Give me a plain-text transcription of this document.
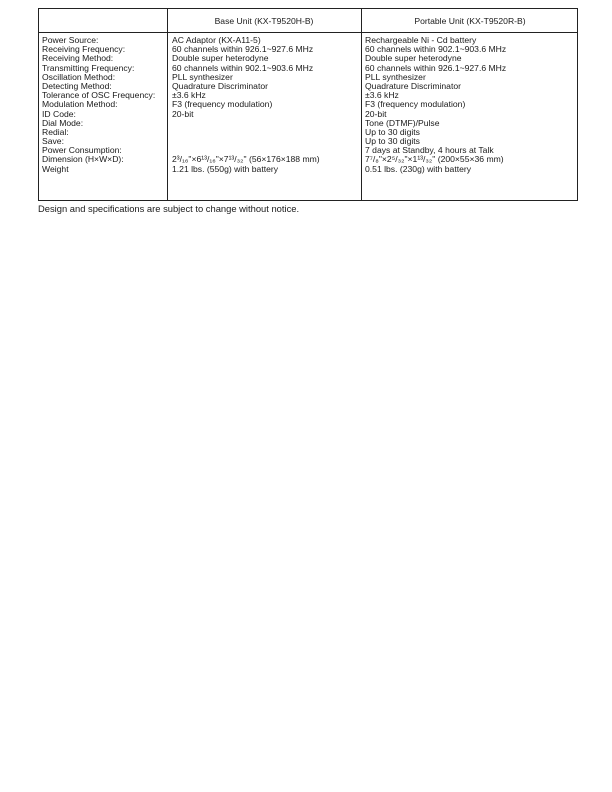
Base Unit (KX-T9520H-B)	Portable Unit (KX-T9520R-B)
Power Source:
Receiving Frequency:
Receiving Method:
Transmitting Frequency:
Oscillation Method:
Detecting Method:
Tolerance of OSC Frequency:
Modulation Method:
ID Code:
Dial Mode:
Redial:
Save:
Power Consumption:
Dimension (H×W×D):
Weight
AC Adaptor (KX-A11-5)
60 channels within 926.1~927.6 MHz
Double super heterodyne
60 channels within 902.1~903.6 MHz
PLL synthesizer
Quadrature Discriminator
±3.6 kHz
F3 (frequency modulation)
20-bit
2³/₁₆"×6¹³/₁₆"×7¹³/₃₂" (56×176×188 mm)
1.21 lbs. (550g) with battery
Rechargeable Ni - Cd battery
60 channels within 902.1~903.6 MHz
Double super heterodyne
60 channels within 926.1~927.6 MHz
PLL synthesizer
Quadrature Discriminator
±3.6 kHz
F3 (frequency modulation)
20-bit
Tone (DTMF)/Pulse
Up to 30 digits
Up to 30 digits
7 days at Standby, 4 hours at Talk
7⁷/₈"×2⁵/₃₂"×1¹³/₃₂" (200×55×36 mm)
0.51 lbs. (230g) with battery
Design and specifications are subject to change without notice.
